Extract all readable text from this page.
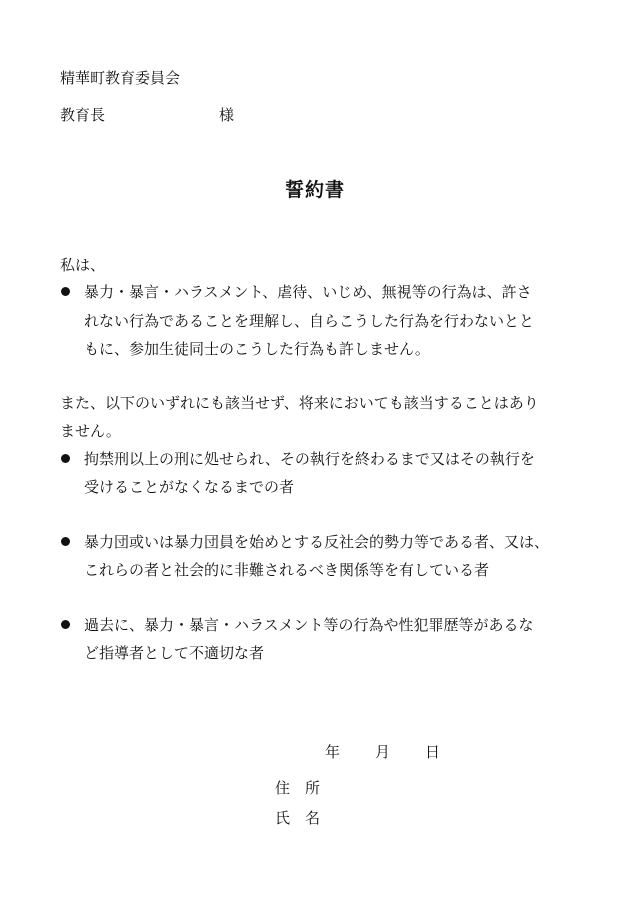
精華町教育委員会
教育長	様
誓約書
私は、
暴力・暴言・ハラスメント、虐待、いじめ、無視等の行為は、許さ
れない行為であることを理解し、自らこうした行為を行わないとと
もに、参加生徒同士のこうした行為も許しません。
また、以下のいずれにも該当せず、将来においても該当することはあり
ません。
拘禁刑以上の刑に処せられ、その執行を終わるまで又はその執行を
受けることがなくなるまでの者
暴力団或いは暴力団員を始めとする反社会的勢力等である者、又は、
これらの者と社会的に非難されるべき関係等を有している者
過去に、暴力・暴言・ハラスメント等の行為や性犯罪歴等があるな
ど指導者として不適切な者
年 月 日
住　所
氏　名
